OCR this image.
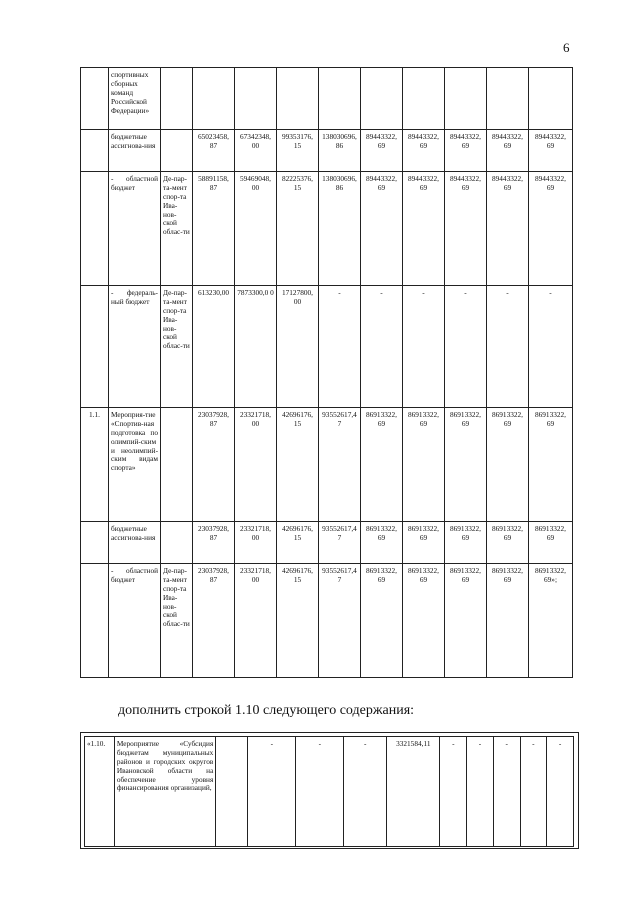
6
	спортивных сборных команд Российской Федерации»										
	бюджетные ассигнова-ния		65023458, 87	67342348, 00	99353176, 15	138030696, 86	89443322, 69	89443322, 69	89443322, 69	89443322, 69	89443322, 69
	- областной бюджет	Де-пар-та-мент спор-та Ива-нов-ской облас-ти	58891158, 87	59469048, 00	82225376, 15	138030696, 86	89443322, 69	89443322, 69	89443322, 69	89443322, 69	89443322, 69
	- федераль-ный бюджет	Де-пар-та-мент спор-та Ива-нов-ской облас-ти	613230,00	7873300,0 0	17127800, 00	-	-	-	-	-	-
1.1.	Мероприя-тие «Спортив-ная подготовка по олимпий-ским и неолимпий-ским видам спорта»		23037928, 87	23321718, 00	42696176, 15	93552617,4 7	86913322, 69	86913322, 69	86913322, 69	86913322, 69	86913322, 69
	бюджетные ассигнова-ния		23037928, 87	23321718, 00	42696176, 15	93552617,4 7	86913322, 69	86913322, 69	86913322, 69	86913322, 69	86913322, 69
	- областной бюджет	Де-пар-та-мент спор-та Ива-нов-ской облас-ти	23037928, 87	23321718, 00	42696176, 15	93552617,4 7	86913322, 69	86913322, 69	86913322, 69	86913322, 69	86913322, 69»;
дополнить строкой 1.10 следующего содержания:
«1.10.	Мероприятие «Субсидия бюджетам муниципальных районов и городских округов Ивановской области на обеспечение уровня финансирования организаций,		-	-	-	3321584,11	-	-	-	-	-
